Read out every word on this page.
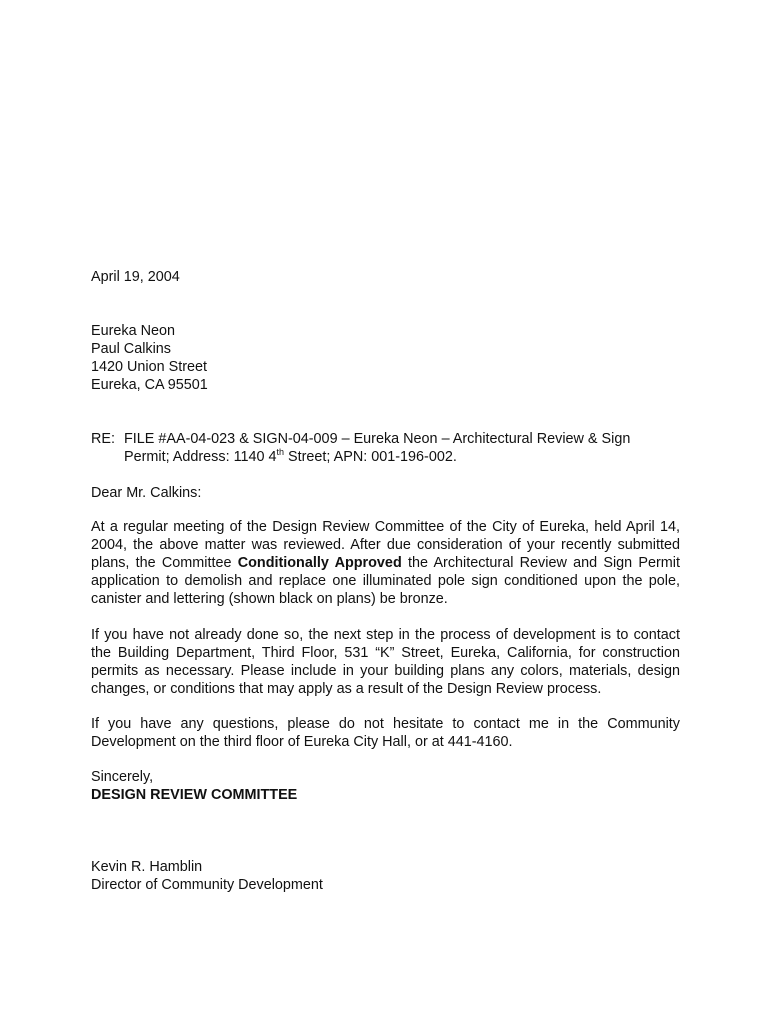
April 19, 2004
Eureka Neon
Paul Calkins
1420 Union Street
Eureka, CA 95501
RE: FILE #AA-04-023 & SIGN-04-009 – Eureka Neon – Architectural Review & Sign
Permit; Address: 1140 4th Street; APN: 001-196-002.
Dear Mr. Calkins:
At a regular meeting of the Design Review Committee of the City of Eureka, held April 14, 2004, the above matter was reviewed. After due consideration of your recently submitted plans, the Committee Conditionally Approved the Architectural Review and Sign Permit application to demolish and replace one illuminated pole sign conditioned upon the pole, canister and lettering (shown black on plans) be bronze.
If you have not already done so, the next step in the process of development is to contact the Building Department, Third Floor, 531 “K” Street, Eureka, California, for construction permits as necessary. Please include in your building plans any colors, materials, design changes, or conditions that may apply as a result of the Design Review process.
If you have any questions, please do not hesitate to contact me in the Community Development on the third floor of Eureka City Hall, or at 441-4160.
Sincerely,
DESIGN REVIEW COMMITTEE
Kevin R. Hamblin
Director of Community Development
